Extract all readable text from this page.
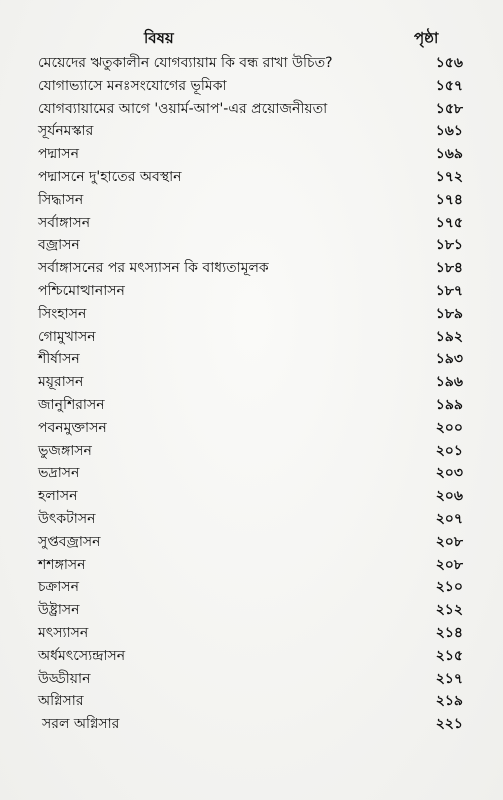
বিষয়	পৃষ্ঠা
মেয়েদের ঋতুকালীন যোগব্যায়াম কি বন্ধ রাখা উচিত?	১৫৬
যোগাভ্যাসে মনঃসংযোগের ভূমিকা	১৫৭
যোগব্যায়ামের আগে 'ওয়ার্ম-আপ'-এর প্রয়োজনীয়তা	১৫৮
সূর্যনমস্কার	১৬১
পদ্মাসন	১৬৯
পদ্মাসনে দু'হাতের অবস্থান	১৭২
সিদ্ধাসন	১৭৪
সর্বাঙ্গাসন	১৭৫
বজ্রাসন	১৮১
সর্বাঙ্গাসনের পর মৎস্যাসন কি বাধ্যতামূলক	১৮৪
পশ্চিমোত্থানাসন	১৮৭
সিংহাসন	১৮৯
গোমুখাসন	১৯২
শীর্ষাসন	১৯৩
ময়ূরাসন	১৯৬
জানুশিরাসন	১৯৯
পবনমুক্তাসন	২০০
ভুজঙ্গাসন	২০১
ভদ্রাসন	২০৩
হলাসন	২০৬
উৎকটাসন	২০৭
সুপ্তবজ্রাসন	২০৮
শশঙ্গাসন	২০৮
চক্রাসন	২১০
উষ্ট্রাসন	২১২
মৎস্যাসন	২১৪
অর্ধমৎস্যেন্দ্রাসন	২১৫
উড্ডীয়ান	২১৭
অগ্নিসার	২১৯
সরল অগ্নিসার	২২১
